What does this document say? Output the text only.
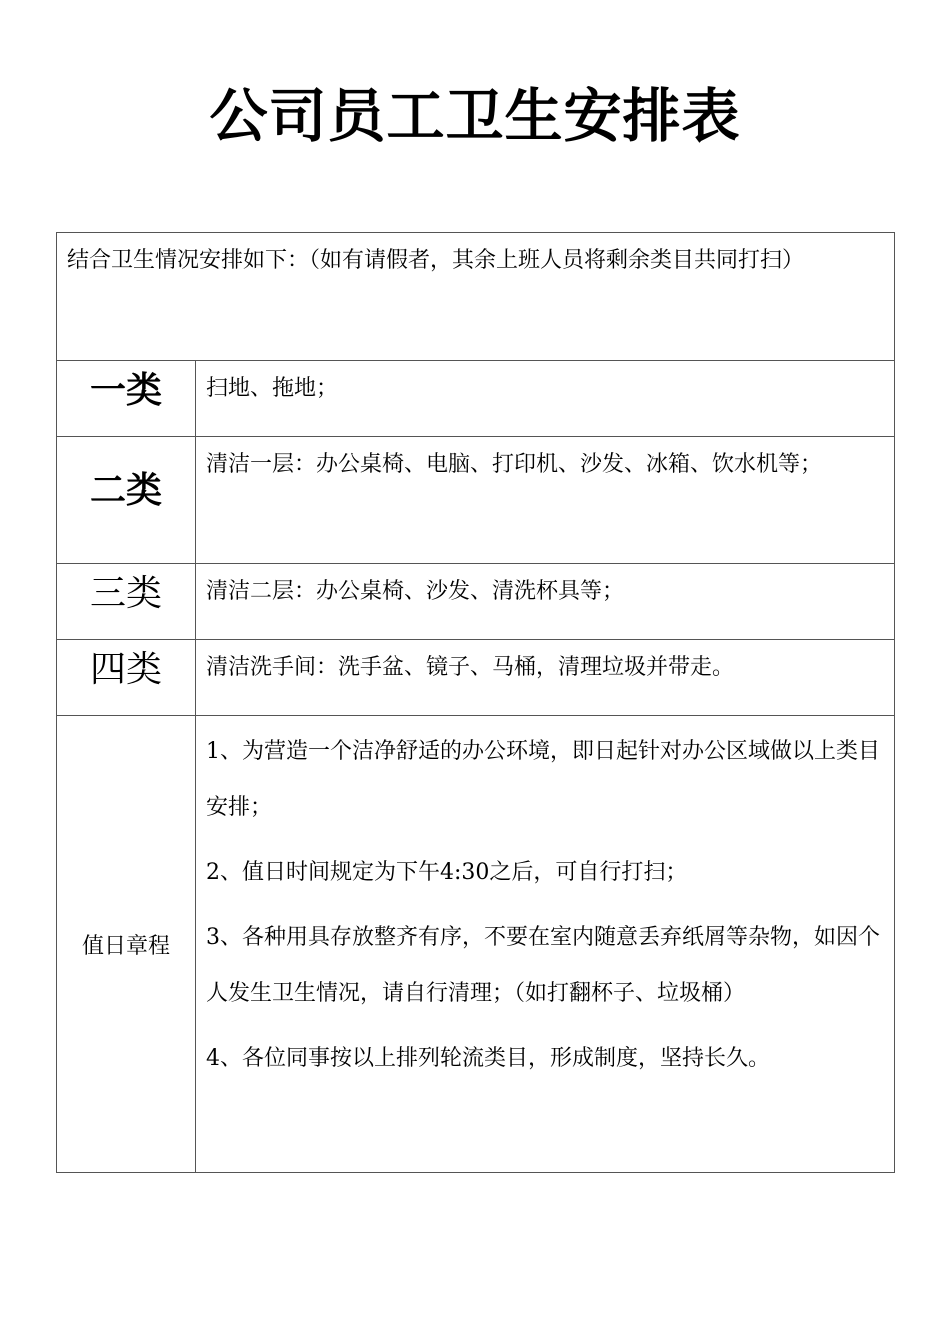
公司员工卫生安排表
结合卫生情况安排如下：（如有请假者，其余上班人员将剩余类目共同打扫）	

一类	扫地、拖地；

二类	清洁一层：办公桌椅、电脑、打印机、沙发、冰箱、饮水机等；

三类	清洁二层：办公桌椅、沙发、清洗杯具等；

四类	清洁洗手间：洗手盆、镜子、马桶，清理垃圾并带走。
值日章程	1、为营造一个洁净舒适的办公环境，即日起针对办公区域做以上类目安排；
2、值日时间规定为下午4:30之后，可自行打扫；
3、各种用具存放整齐有序，不要在室内随意丢弃纸屑等杂物，如因个人发生卫生情况，请自行清理；（如打翻杯子、垃圾桶）
4、各位同事按以上排列轮流类目，形成制度，坚持长久。
